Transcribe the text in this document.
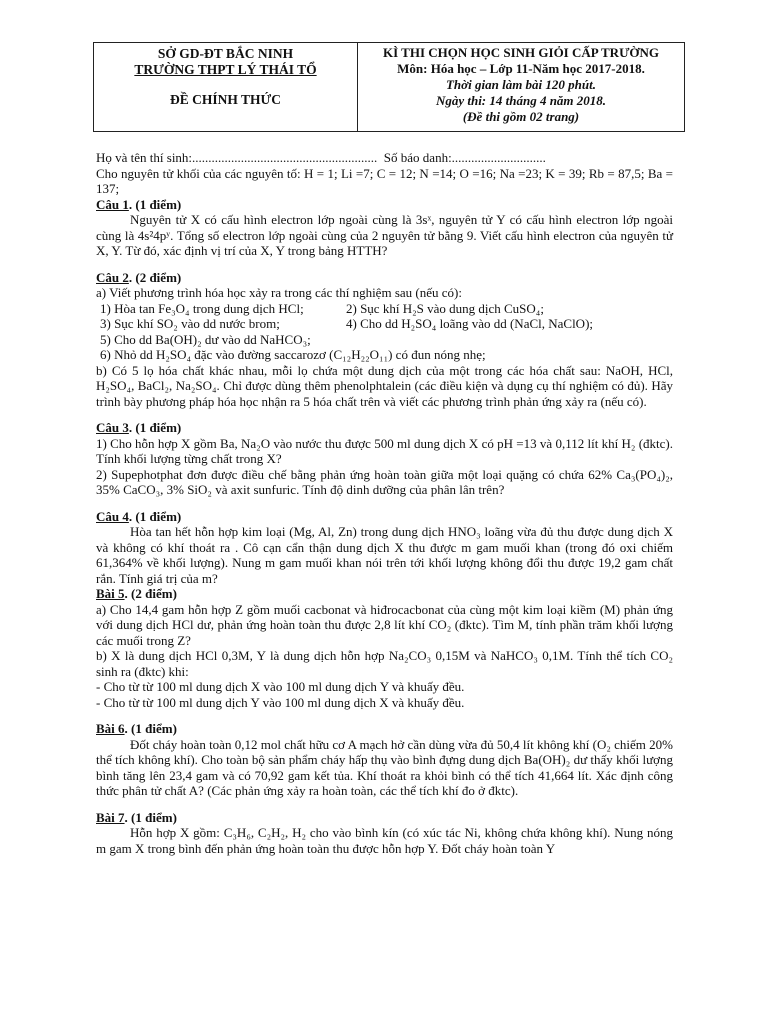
SỞ GD-ĐT BẮC NINH
TRƯỜNG THPT LÝ THÁI TỔ
ĐỀ CHÍNH THỨC
KÌ THI CHỌN HỌC SINH GIỎI CẤP TRƯỜNG
Môn: Hóa học – Lớp 11-Năm học 2017-2018.
Thời gian làm bài 120 phút.
Ngày thi: 14 tháng 4 năm 2018.
(Đề thi gồm 02 trang)

Họ và tên thí sinh:.........................................................  Số báo danh:.............................

Cho nguyên tử khối của các nguyên tố: H = 1; Li =7; C = 12; N =14; O =16; Na =23; K = 39; Rb = 87,5; Ba = 137;

Câu 1. (1 điểm)

Nguyên tử X có cấu hình electron lớp ngoài cùng là 3sˣ, nguyên tử Y có cấu hình electron lớp ngoài cùng là 4s²4pʸ. Tổng số electron lớp ngoài cùng của 2 nguyên tử bằng 9. Viết cấu hình electron của nguyên tử X, Y. Từ đó, xác định vị trí của X, Y trong bảng HTTH?

Câu 2. (2 điểm)

a) Viết phương trình hóa học xảy ra trong các thí nghiệm sau (nếu có):

1) Hòa tan Fe₃O₄ trong dung dịch HCl;	2) Sục khí H₂S vào dung dịch CuSO₄;

3) Sục khí SO₂ vào dd nước brom;	4) Cho dd H₂SO₄ loãng vào dd (NaCl, NaClO);

5) Cho dd Ba(OH)₂ dư vào dd NaHCO₃;

6) Nhỏ dd H₂SO₄ đặc vào đường saccarozơ (C₁₂H₂₂O₁₁) có đun nóng nhẹ;

b) Có 5 lọ hóa chất khác nhau, mỗi lọ chứa một dung dịch của một trong các hóa chất sau: NaOH, HCl, H₂SO₄, BaCl₂, Na₂SO₄. Chỉ được dùng thêm phenolphtalein (các điều kiện và dụng cụ thí nghiệm có đủ). Hãy trình bày phương pháp hóa học nhận ra 5 hóa chất trên và viết các phương trình phản ứng xảy ra (nếu có).

Câu 3. (1 điểm)

1) Cho hỗn hợp X gồm Ba, Na₂O vào nước thu được 500 ml dung dịch X có pH =13 và 0,112 lít khí H₂ (đktc). Tính khối lượng từng chất trong X?

2) Supephotphat đơn được điều chế bằng phản ứng hoàn toàn giữa một loại quặng có chứa 62% Ca₃(PO₄)₂, 35% CaCO₃, 3% SiO₂ và axit sunfuric. Tính độ dinh dưỡng của phân lân trên?

Câu 4. (1 điểm)

Hòa tan hết hỗn hợp kim loại (Mg, Al, Zn) trong dung dịch HNO₃ loãng vừa đủ thu được dung dịch X và không có khí thoát ra . Cô cạn cẩn thận dung dịch X thu được m gam muối khan (trong đó oxi chiếm 61,364% về khối lượng). Nung m gam muối khan nói trên tới khối lượng không đổi thu được 19,2 gam chất rắn. Tính giá trị của m?

Bài 5. (2 điểm)

a) Cho 14,4 gam hỗn hợp Z gồm muối cacbonat và hiđrocacbonat của cùng một kim loại kiềm (M) phản ứng với dung dịch HCl dư, phản ứng hoàn toàn thu được 2,8 lít khí CO₂ (đktc). Tìm M, tính phần trăm khối lượng các muối trong Z?

b) X là dung dịch HCl 0,3M, Y là dung dịch hỗn hợp Na₂CO₃ 0,15M và NaHCO₃ 0,1M. Tính thể tích CO₂ sinh ra (đktc) khi:

- Cho từ từ 100 ml dung dịch X vào 100 ml dung dịch Y và khuấy đều.

- Cho từ từ 100 ml dung dịch Y vào 100 ml dung dịch X và khuấy đều.

Bài 6. (1 điểm)

Đốt cháy hoàn toàn 0,12 mol chất hữu cơ A mạch hở cần dùng vừa đủ 50,4 lít không khí (O₂ chiếm 20% thể tích không khí). Cho toàn bộ sản phẩm cháy hấp thụ vào bình đựng dung dịch Ba(OH)₂ dư thấy khối lượng bình tăng lên 23,4 gam và có 70,92 gam kết tủa. Khí thoát ra khỏi bình có thể tích 41,664 lít. Xác định công thức phân tử chất A? (Các phản ứng xảy ra hoàn toàn, các thể tích khí đo ở đktc).

Bài 7. (1 điểm)

Hỗn hợp X gồm: C₃H₆, C₂H₂, H₂ cho vào bình kín (có xúc tác Ni, không chứa không khí). Nung nóng m gam X trong bình đến phản ứng hoàn toàn thu được hỗn hợp Y. Đốt cháy hoàn toàn Y
